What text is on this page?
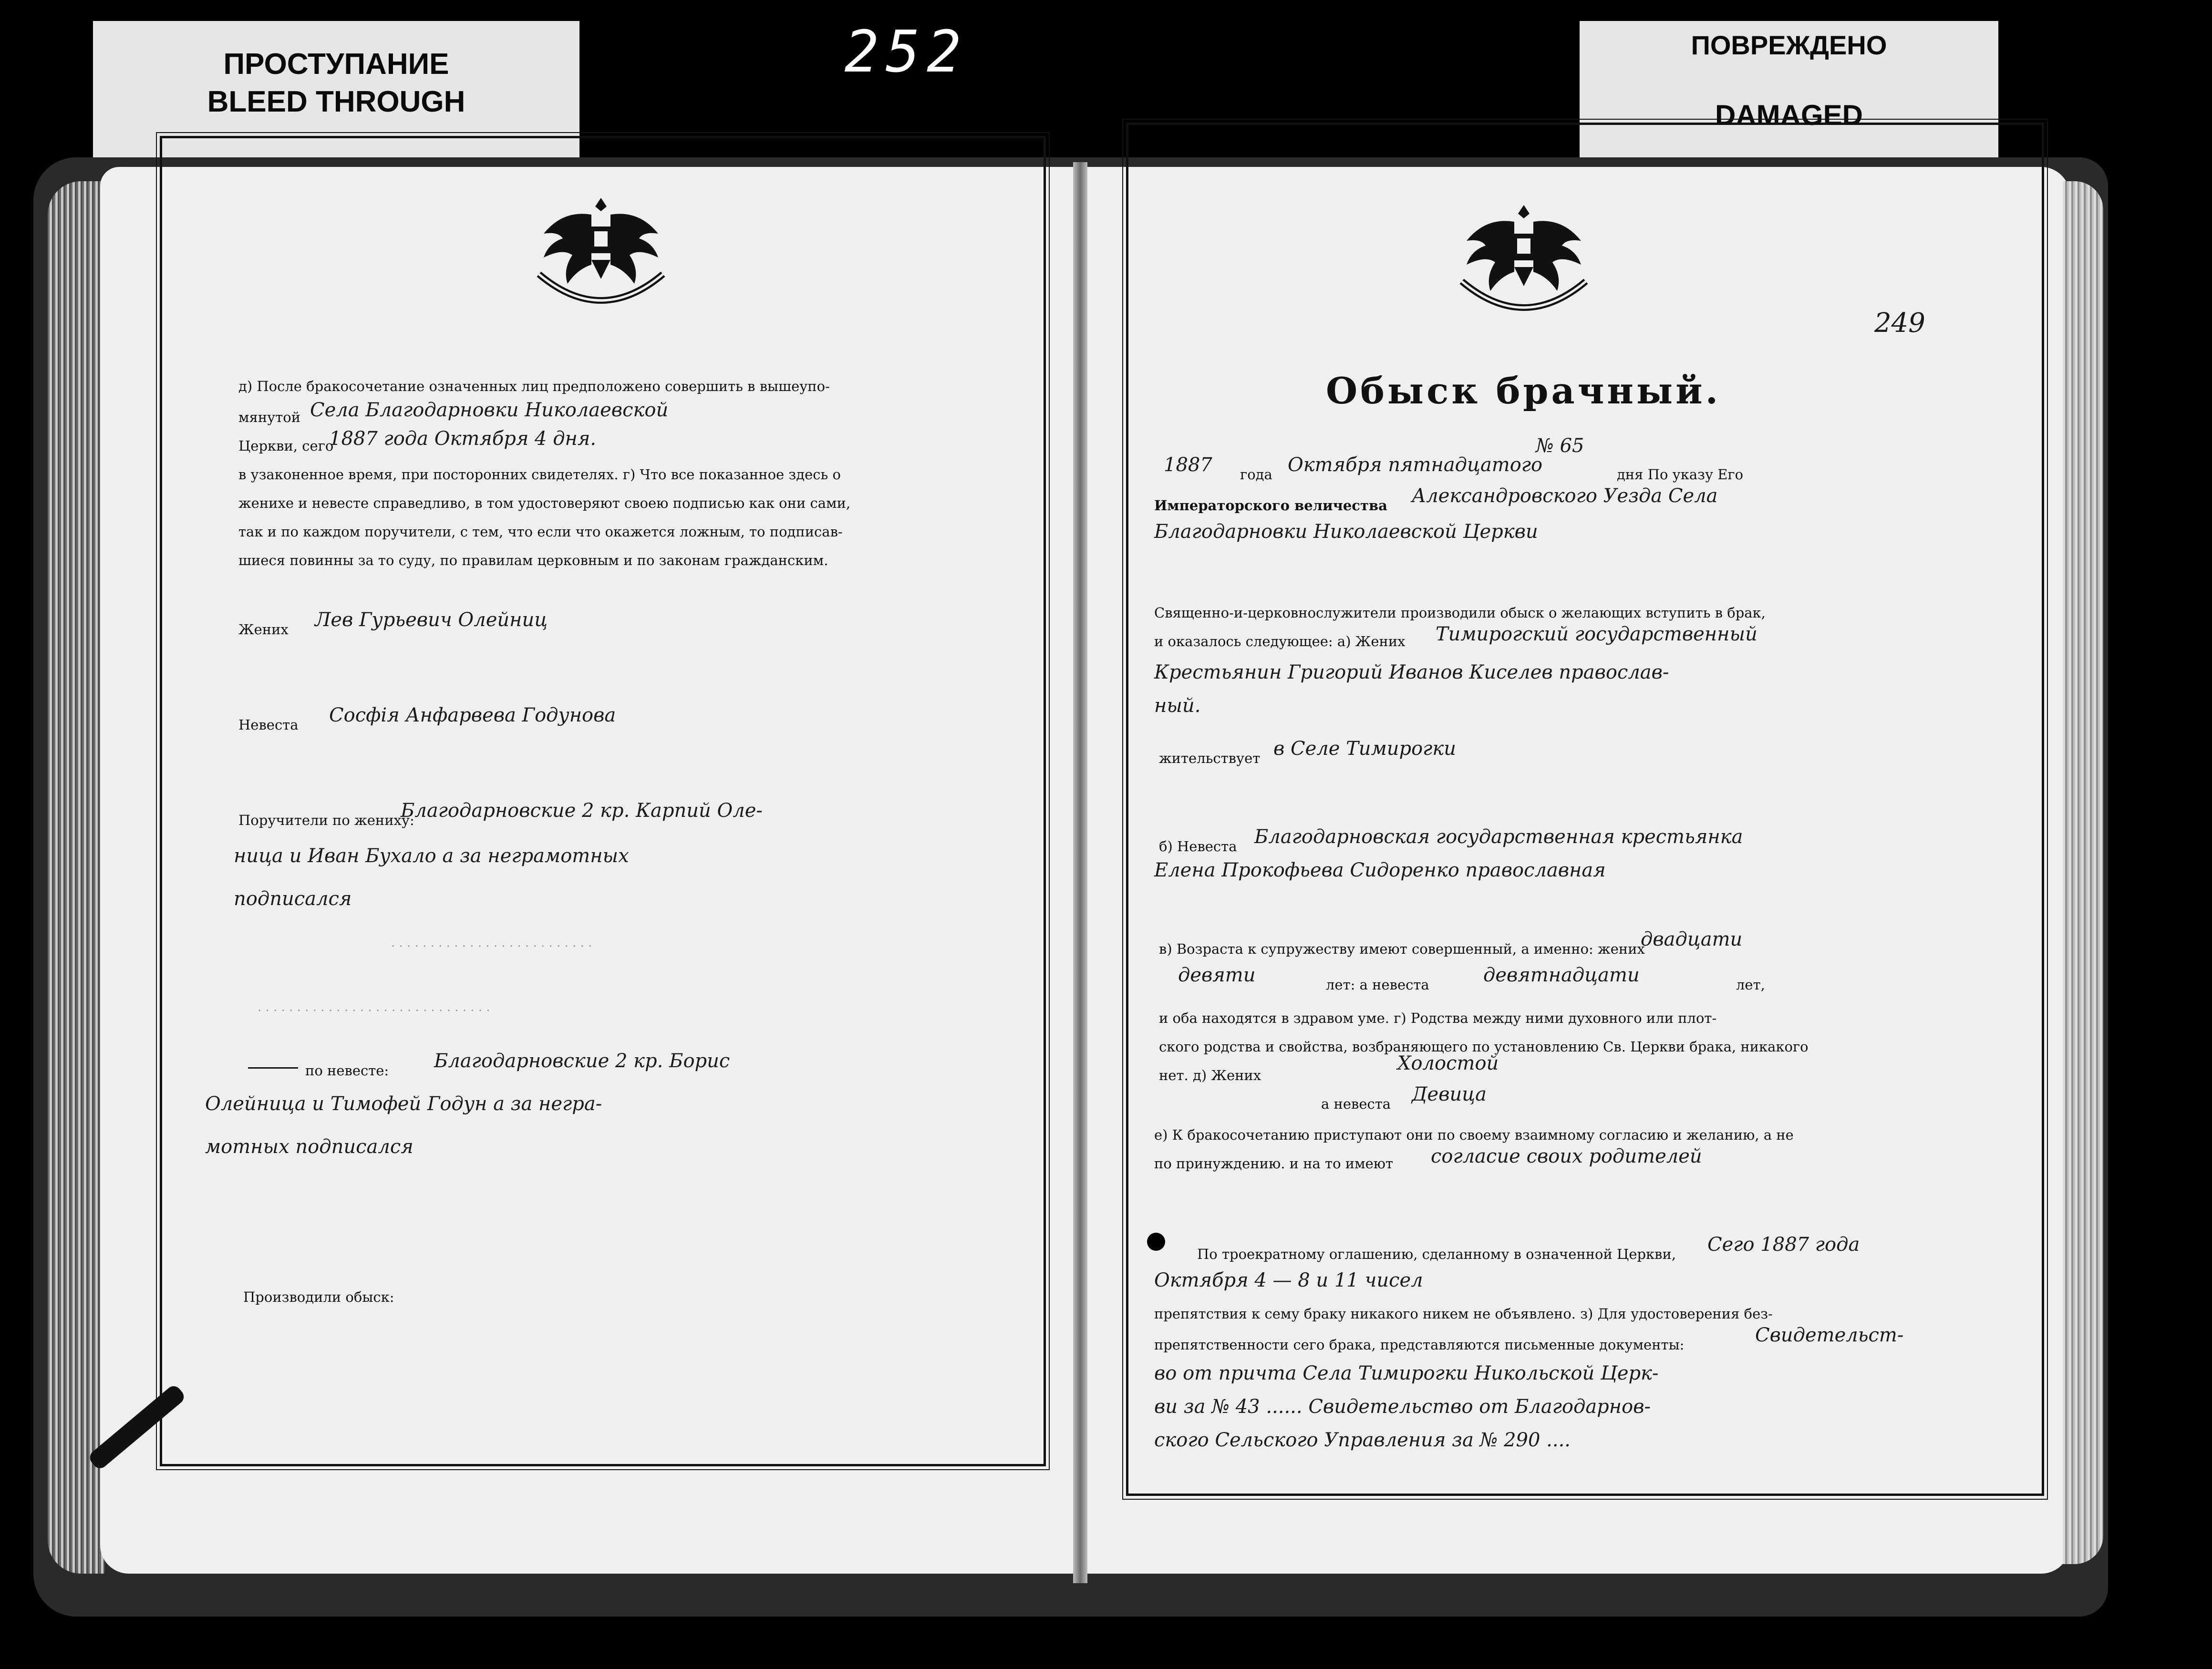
ПРОСТУПАНИЕ
BLEED THROUGH
252	ПОВРЕЖДЕНО
DAMAGED
249
д) После бракосочетание означенных лиц предположено совершить в вышеупо-
мянутой Села Благодарновки Николаевской
Церкви, сего
1887 года Октября 4 дня.
в узаконенное время, при посторонних свидетелях. г) Что все показанное здесь о
женихе и невесте справедливо, в том удостоверяют своею подписью как они сами,
так и по каждом поручители, с тем, что если что окажется ложным, то подписав-
шиеся повинны за то суду, по правилам церковным и по законам гражданским.
Жених Лев Гурьевич Олейниц
Невеста Сосфія Анфарвева Годунова
Поручители по жениху:
Благодарновские 2 кр. Карпий Оле-
ница и Иван Бухало а за неграмотных
подписался
· · · · · · · · · · · · · · · · · · · · · · · · · ·
· · · · · · · · · · · · · · · · · · · · · · · · · · · · · ·
по невесте: Благодарновские 2 кр. Борис
Олейница и Тимофей Годун а за негра-
мотных подписался
Производили обыск:
Обыск брачный.
№ 65
1887 года Октября пятнадцатого	дня По указу Его
Императорского величества Александровского Уезда Села
Благодарновки Николаевской Церкви
Священно-и-церковнослужители производили обыск о желающих вступить в брак,
и оказалось следующее: а) Жених Тимирогский государственный
Крестьянин Григорий Иванов Киселев православ-
ный.
жительствует в Селе Тимирогки
б) Невеста Благодарновская государственная крестьянка
Елена Прокофьева Сидоренко православная
в) Возраста к супружеству имеют совершенный, а именно: жених
двадцати
девяти	лет: а невеста	девятнадцати	лет,
и оба находятся в здравом уме. г) Родства между ними духовного или плот-
ского родства и свойства, возбраняющего по установлению Св. Церкви брака, никакого
нет. д) Жених
Холостой
а невеста Девица
е) К бракосочетанию приступают они по своему взаимному согласию и желанию, а не
по принуждению. и на то имеют согласие своих родителей
По троекратному оглашению, сделанному в означенной Церкви, Сего 1887 года
Октября 4 — 8 и 11 чисел
препятствия к сему браку никакого никем не объявлено. з) Для удостоверения без-
препятственности сего брака, представляются письменные документы:	Свидетельст-
во от причта Села Тимирогки Никольской Церк-
ви за № 43 ...... Свидетельство от Благодарнов-
ского Сельского Управления за № 290 ....
